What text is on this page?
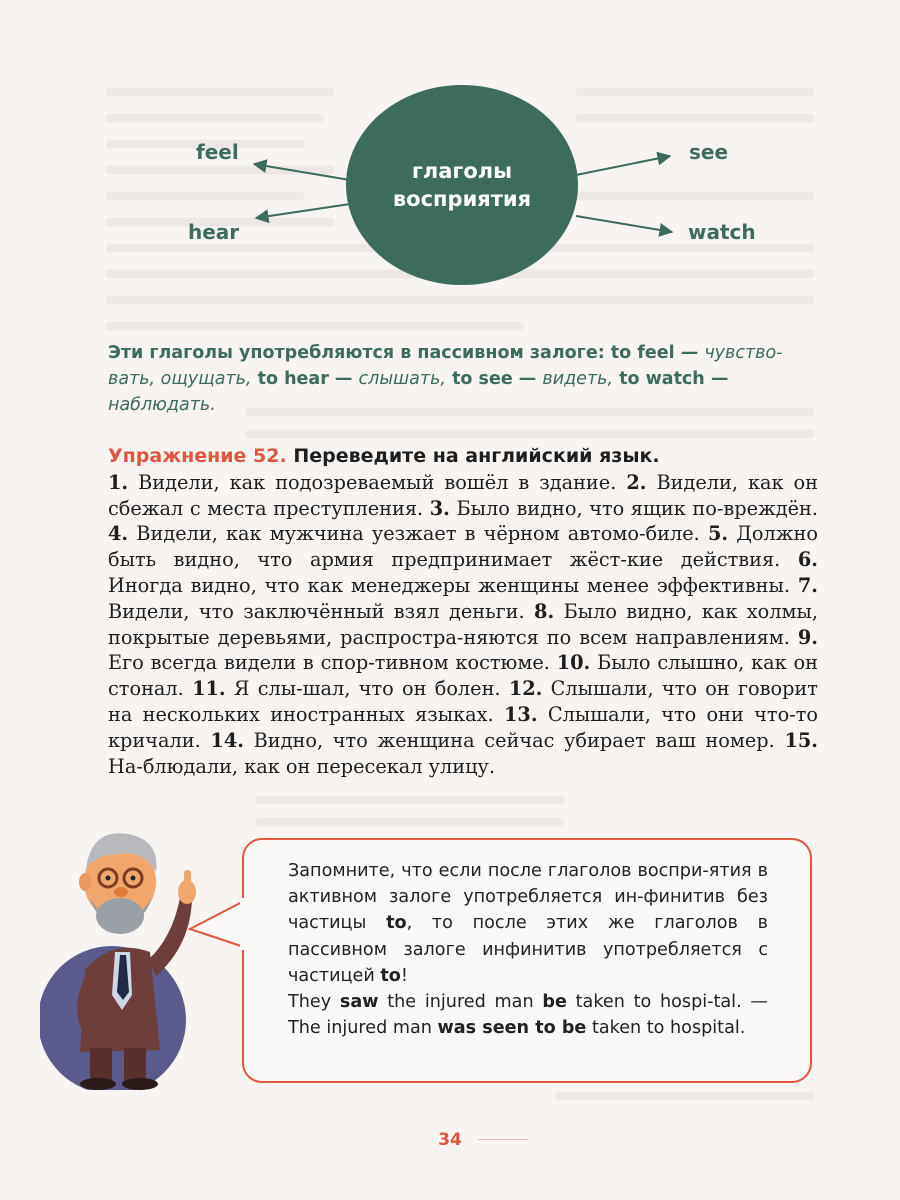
глаголы
восприятия
feel
hear
see
watch
Эти глаголы употребляются в пассивном залоге: to feel — чувство-вать, ощущать, to hear — слышать, to see — видеть, to watch — наблюдать.
Упражнение 52. Переведите на английский язык.
1. Видели, как подозреваемый вошёл в здание. 2. Видели, как он сбежал с места преступления. 3. Было видно, что ящик по-вреждён. 4. Видели, как мужчина уезжает в чёрном автомо-биле. 5. Должно быть видно, что армия предпринимает жёст-кие действия. 6. Иногда видно, что как менеджеры женщины менее эффективны. 7. Видели, что заключённый взял деньги. 8. Было видно, как холмы, покрытые деревьями, распростра-няются по всем направлениям. 9. Его всегда видели в спор-тивном костюме. 10. Было слышно, как он стонал. 11. Я слы-шал, что он болен. 12. Слышали, что он говорит на нескольких иностранных языках. 13. Слышали, что они что-то кричали. 14. Видно, что женщина сейчас убирает ваш номер. 15. На-блюдали, как он пересекал улицу.
Запомните, что если после глаголов воспри-ятия в активном залоге употребляется ин-финитив без частицы to, то после этих же глаголов в пассивном залоге инфинитив употребляется с частицей to!
They saw the injured man be taken to hospi-tal. — The injured man was seen to be taken to hospital.
34
